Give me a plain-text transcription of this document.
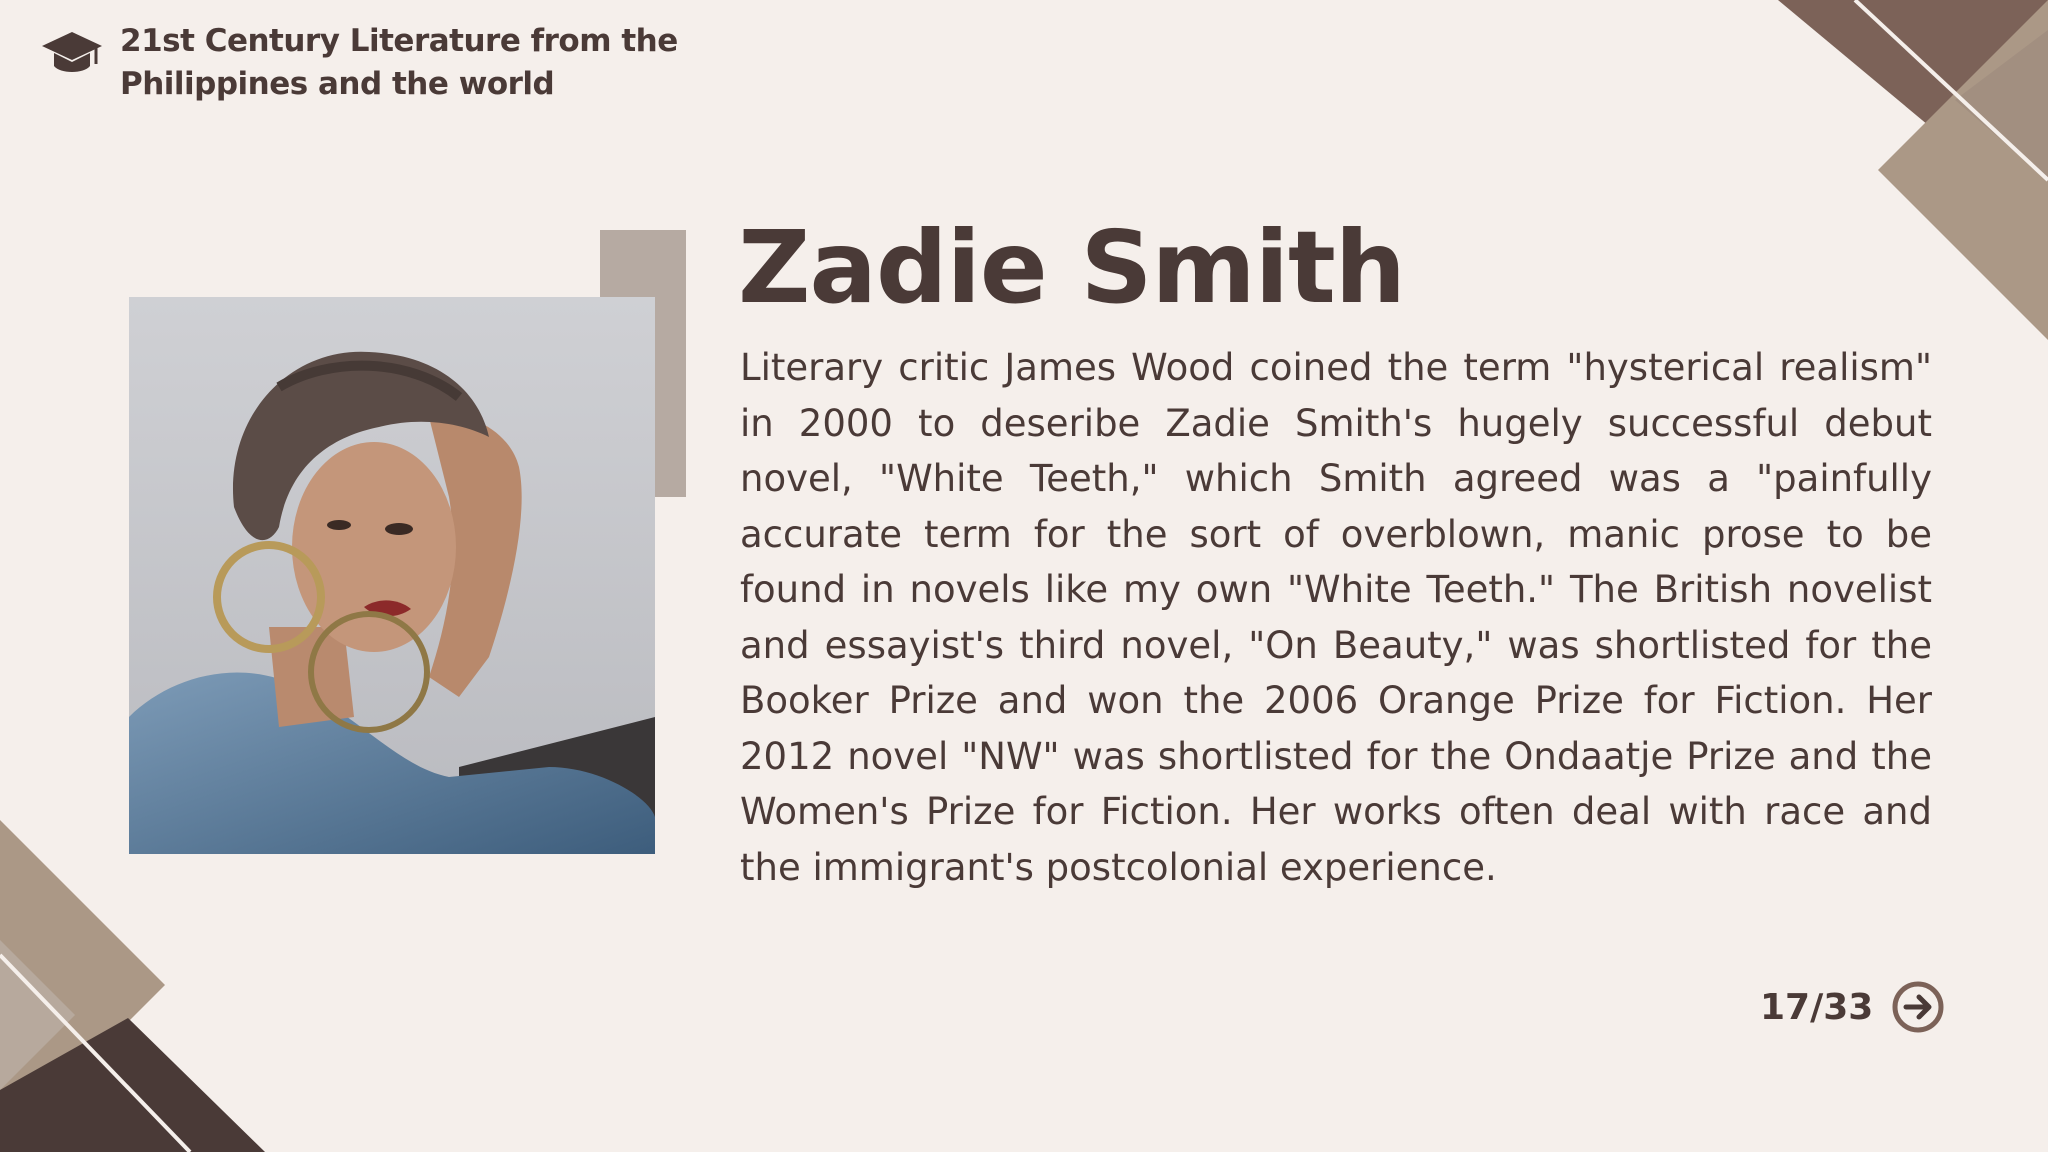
21st Century Literature from the Philippines and the world
Zadie Smith

Literary critic James Wood coined the term "hysterical realism" in 2000 to deseribe Zadie Smith's hugely successful debut novel, "White Teeth," which Smith agreed was a "painfully accurate term for the sort of overblown, manic prose to be found in novels like my own "White Teeth." The British novelist and essayist's third novel, "On Beauty," was shortlisted for the Booker Prize and won the 2006 Orange Prize for Fiction. Her 2012 novel "NW" was shortlisted for the Ondaatje Prize and the Women's Prize for Fiction. Her works often deal with race and the immigrant's postcolonial experience.

17/33
